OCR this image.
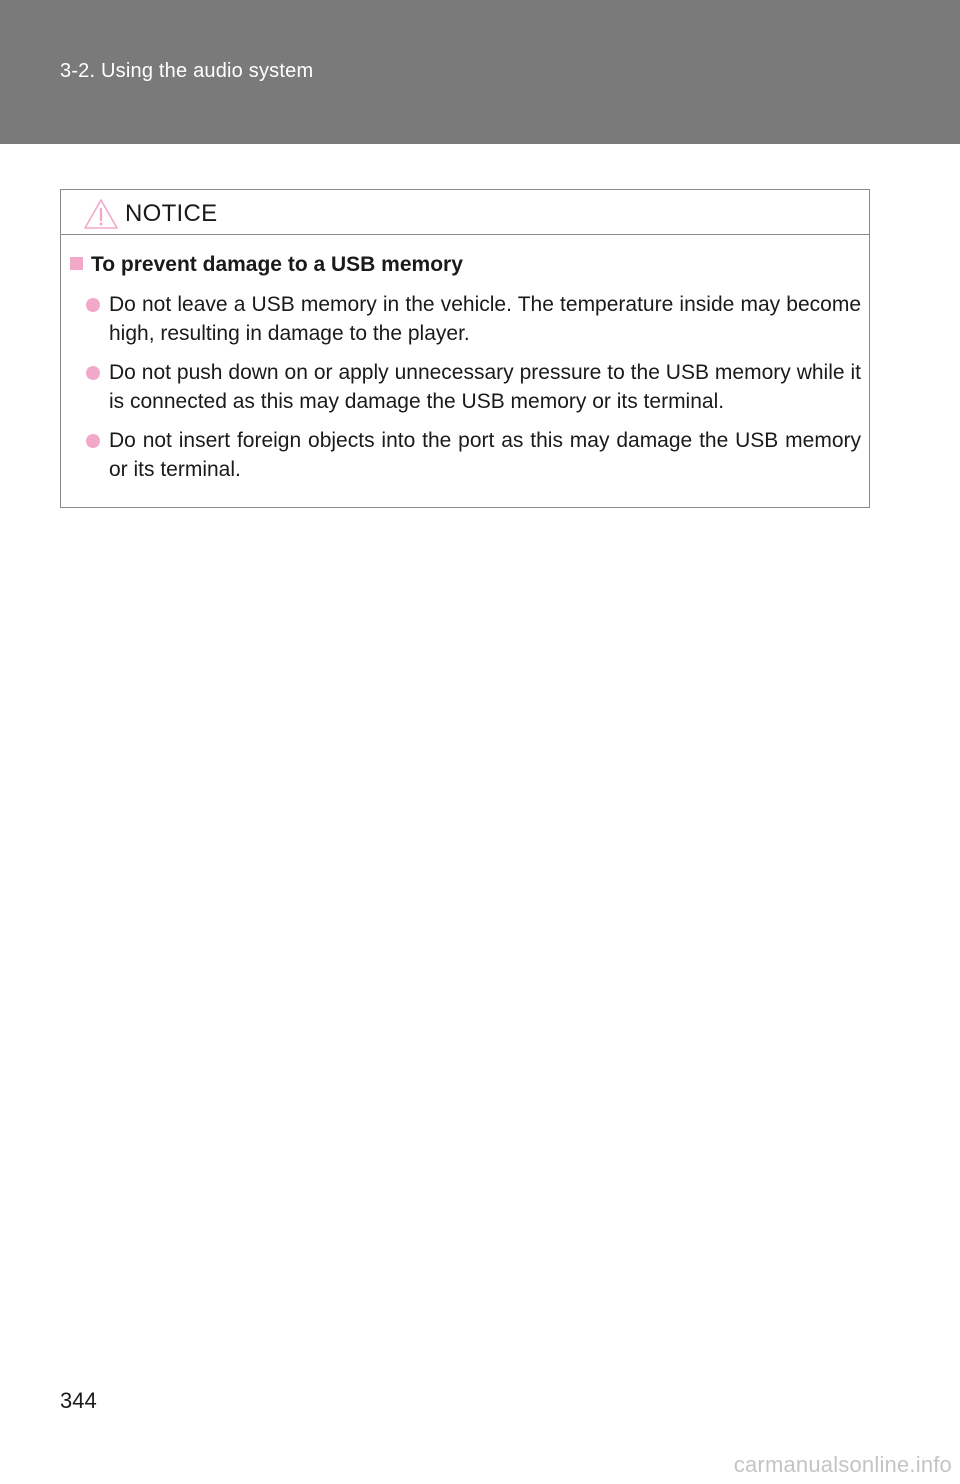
3-2. Using the audio system
NOTICE
To prevent damage to a USB memory
Do not leave a USB memory in the vehicle. The temperature inside may become high, resulting in damage to the player.
Do not push down on or apply unnecessary pressure to the USB memory while it is connected as this may damage the USB memory or its terminal.
Do not insert foreign objects into the port as this may damage the USB memory or its terminal.
344
carmanualsonline.info
